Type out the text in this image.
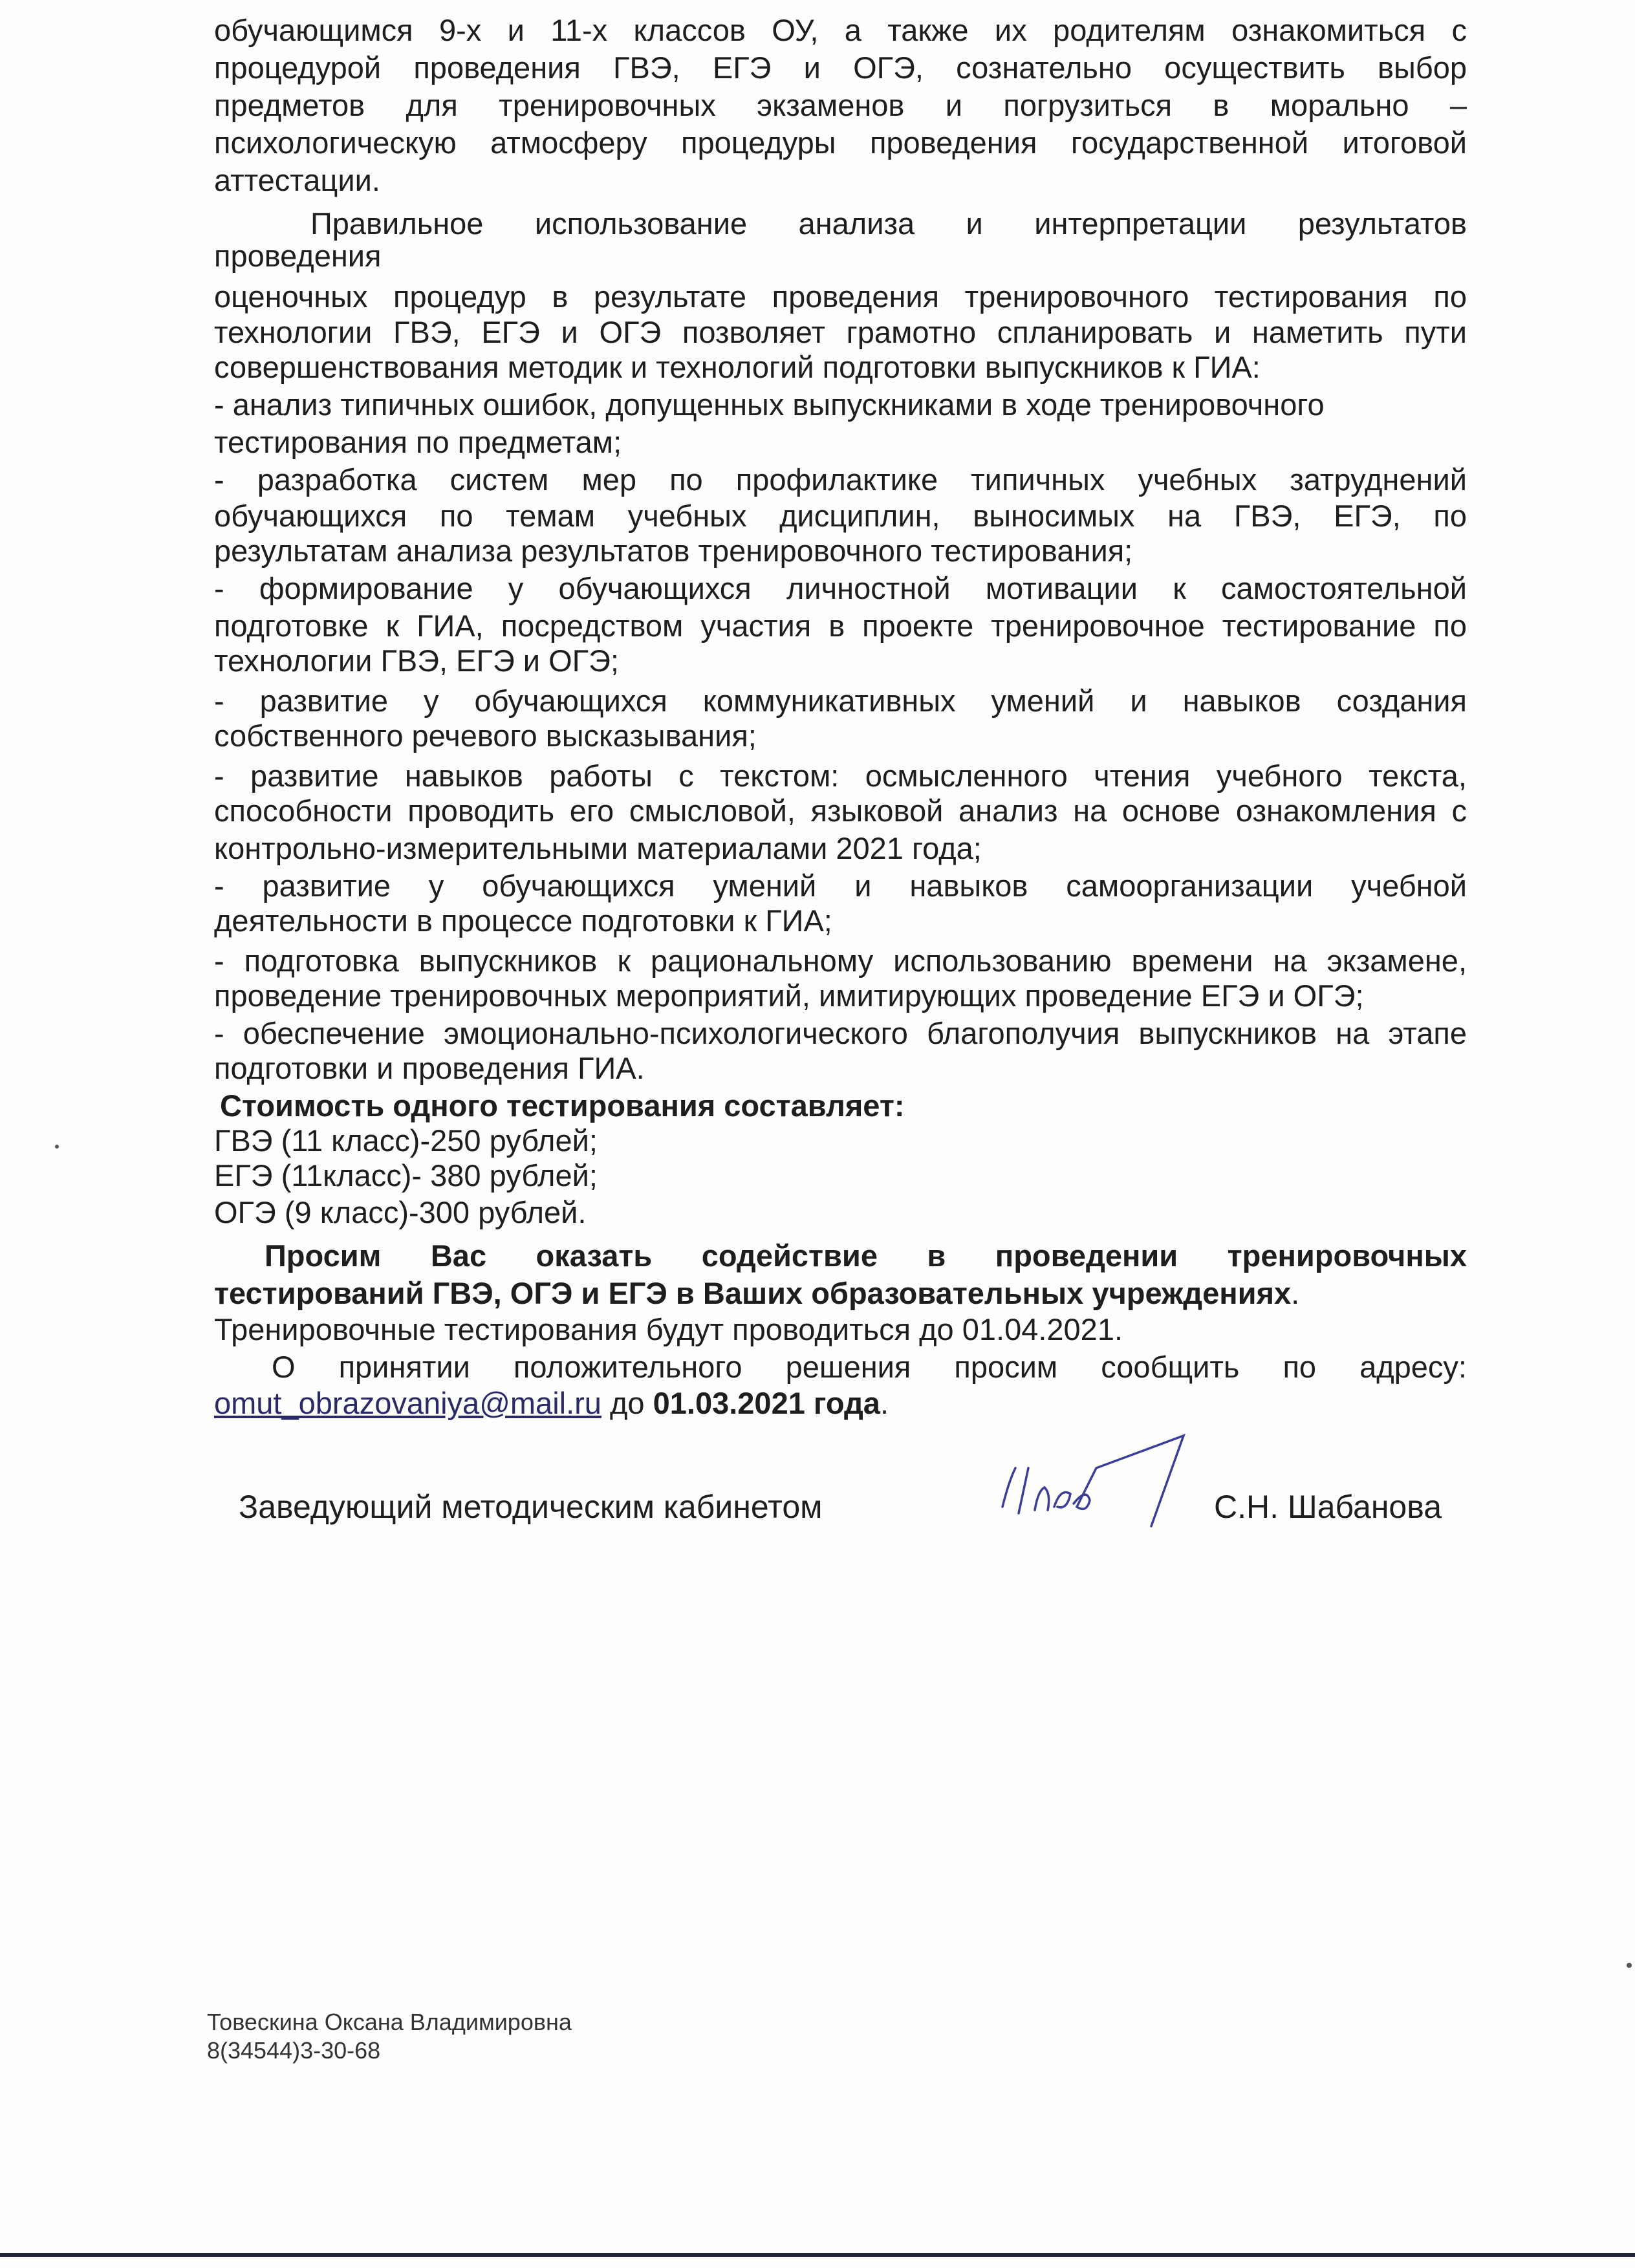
обучающимся 9-х и 11-х классов ОУ, а также их родителям ознакомиться с
процедурой проведения ГВЭ, ЕГЭ и ОГЭ, сознательно осуществить выбор
предметов для тренировочных экзаменов и погрузиться в морально –
психологическую атмосферу процедуры проведения государственной итоговой
аттестации.
Правильное использование анализа и интерпретации результатов
проведения
оценочных процедур в результате проведения тренировочного тестирования по
технологии ГВЭ, ЕГЭ и ОГЭ позволяет грамотно спланировать и наметить пути
совершенствования методик и технологий подготовки выпускников к ГИА:
- анализ типичных ошибок, допущенных выпускниками в ходе тренировочного
тестирования по предметам;
- разработка систем мер по профилактике типичных учебных затруднений
обучающихся по темам учебных дисциплин, выносимых на ГВЭ, ЕГЭ, по
результатам анализа результатов тренировочного тестирования;
- формирование у обучающихся личностной мотивации к самостоятельной
подготовке к ГИА, посредством участия в проекте тренировочное тестирование по
технологии ГВЭ, ЕГЭ и ОГЭ;
- развитие у обучающихся коммуникативных умений и навыков создания
собственного речевого высказывания;
- развитие навыков работы с текстом: осмысленного чтения учебного текста,
способности проводить его смысловой, языковой анализ на основе ознакомления с
контрольно-измерительными материалами 2021 года;
- развитие у обучающихся умений и навыков самоорганизации учебной
деятельности в процессе подготовки к ГИА;
- подготовка выпускников к рациональному использованию времени на экзамене,
проведение тренировочных мероприятий, имитирующих проведение ЕГЭ и ОГЭ;
- обеспечение эмоционально-психологического благополучия выпускников на этапе
подготовки и проведения ГИА.
Стоимость одного тестирования составляет:
ГВЭ (11 класс)-250 рублей;
ЕГЭ (11класс)- 380 рублей;
ОГЭ (9 класс)-300 рублей.
Просим Вас оказать содействие в проведении тренировочных
тестирований ГВЭ, ОГЭ и ЕГЭ в Ваших образовательных учреждениях.
Тренировочные тестирования будут проводиться до 01.04.2021.
О принятии положительного решения просим сообщить по адресу:
omut_obrazovaniya@mail.ru до 01.03.2021 года.
Заведующий методическим кабинетом	С.Н. Шабанова
Товескина Оксана Владимировна
8(34544)3-30-68
